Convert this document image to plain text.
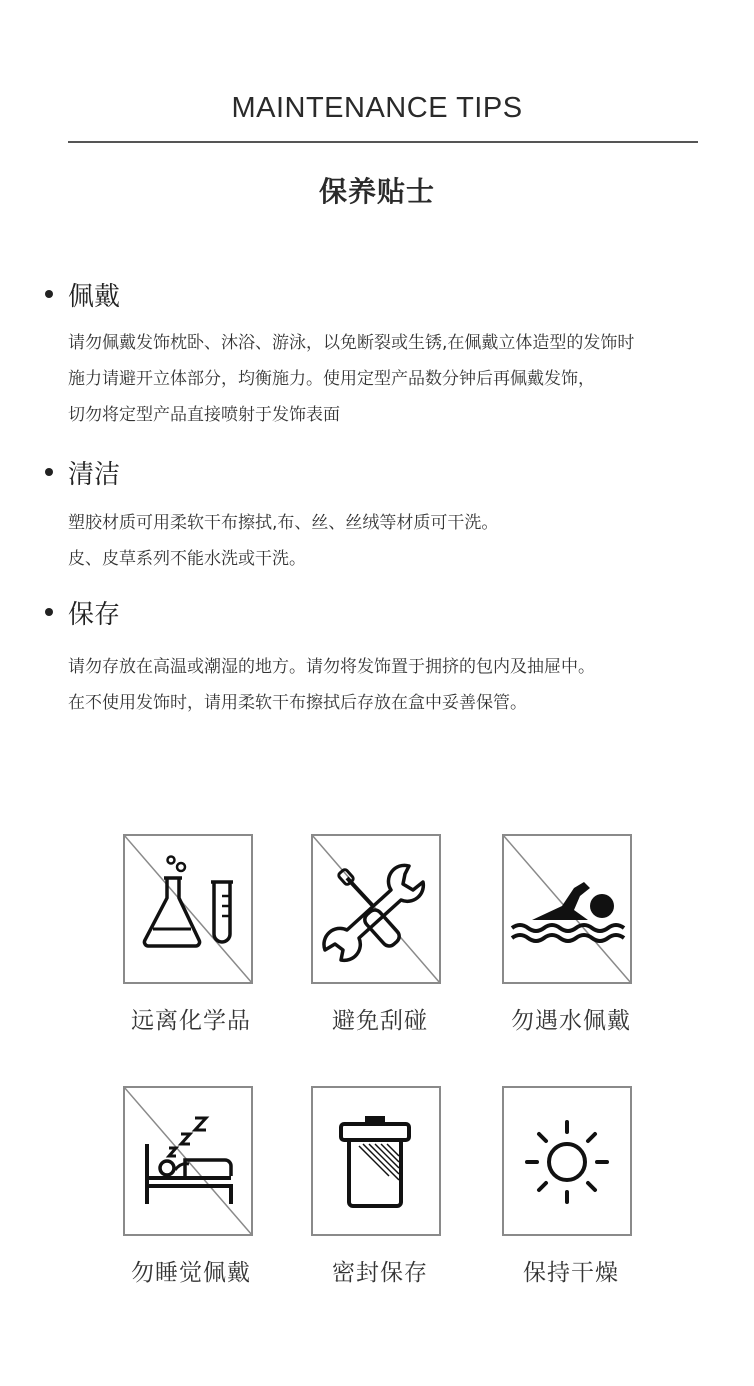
MAINTENANCE TIPS
保养贴士
佩戴
请勿佩戴发饰枕卧、沐浴、游泳，以免断裂或生锈,在佩戴立体造型的发饰时
施力请避开立体部分，均衡施力。使用定型产品数分钟后再佩戴发饰，
切勿将定型产品直接喷射于发饰表面
清洁
塑胶材质可用柔软干布擦拭,布、丝、丝绒等材质可干洗。
皮、皮草系列不能水洗或干洗。
保存
请勿存放在高温或潮湿的地方。请勿将发饰置于拥挤的包内及抽屉中。
在不使用发饰时，请用柔软干布擦拭后存放在盒中妥善保管。
远离化学品	避免刮碰	勿遇水佩戴
勿睡觉佩戴	密封保存	保持干燥
